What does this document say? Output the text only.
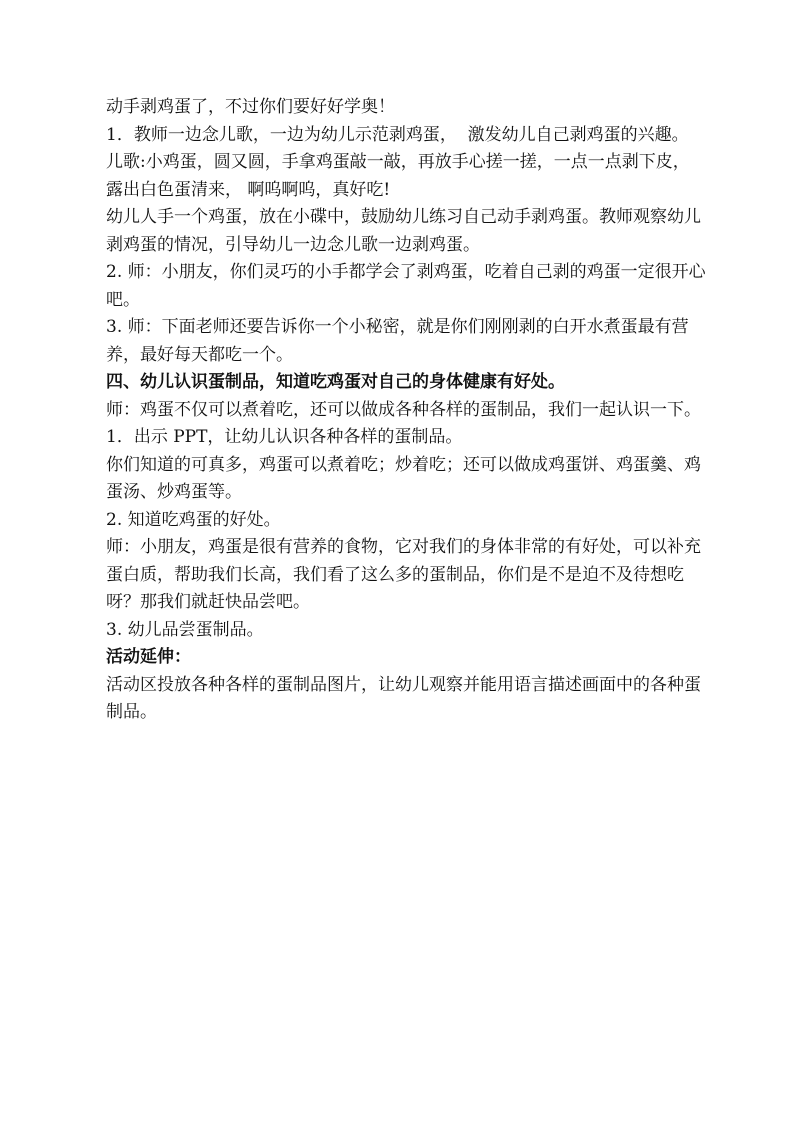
动手剥鸡蛋了，不过你们要好好学奥！

1．教师一边念儿歌，一边为幼儿示范剥鸡蛋，  激发幼儿自己剥鸡蛋的兴趣。

儿歌:小鸡蛋，圆又圆，手拿鸡蛋敲一敲，再放手心搓一搓，一点一点剥下皮，露出白色蛋清来， 啊呜啊呜，真好吃!

幼儿人手一个鸡蛋，放在小碟中，鼓励幼儿练习自己动手剥鸡蛋。教师观察幼儿剥鸡蛋的情况，引导幼儿一边念儿歌一边剥鸡蛋。

2. 师：小朋友，你们灵巧的小手都学会了剥鸡蛋，吃着自己剥的鸡蛋一定很开心吧。

3. 师：下面老师还要告诉你一个小秘密，就是你们刚刚剥的白开水煮蛋最有营养，最好每天都吃一个。

四、幼儿认识蛋制品，知道吃鸡蛋对自己的身体健康有好处。

师：鸡蛋不仅可以煮着吃，还可以做成各种各样的蛋制品，我们一起认识一下。

1．出示 PPT，让幼儿认识各种各样的蛋制品。

你们知道的可真多，鸡蛋可以煮着吃；炒着吃；还可以做成鸡蛋饼、鸡蛋羹、鸡蛋汤、炒鸡蛋等。

2. 知道吃鸡蛋的好处。

师：小朋友，鸡蛋是很有营养的食物，它对我们的身体非常的有好处，可以补充蛋白质，帮助我们长高，我们看了这么多的蛋制品，你们是不是迫不及待想吃呀？那我们就赶快品尝吧。

3. 幼儿品尝蛋制品。

活动延伸：

活动区投放各种各样的蛋制品图片，让幼儿观察并能用语言描述画面中的各种蛋制品。
